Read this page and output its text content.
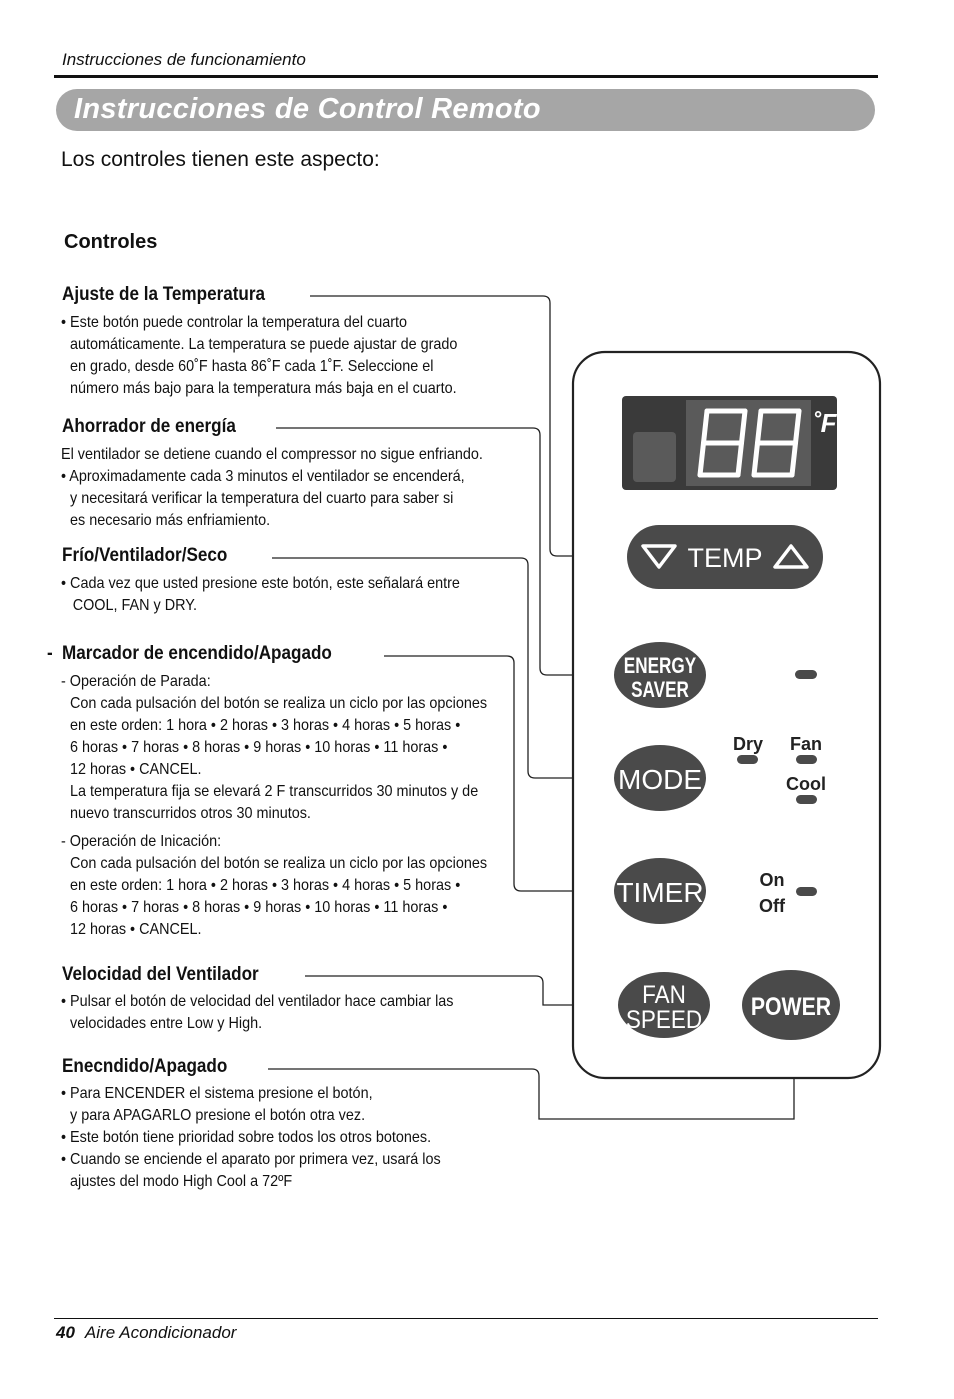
Instrucciones de funcionamiento
Instrucciones de Control Remoto
Los controles tienen este aspecto:
Controles
Ajuste de la Temperatura
• Este botón puede controlar la temperatura del cuarto
automáticamente. La temperatura se puede ajustar de grado
en grado, desde 60˚F hasta 86˚F cada 1˚F. Seleccione el
número más bajo para la temperatura más baja en el cuarto.
Ahorrador de energía
El ventilador se detiene cuando el compressor no sigue enfriando.
• Aproximadamente cada 3 minutos el ventilador se encenderá,
y necesitará verificar la temperatura del cuarto para saber si
es necesario más enfriamiento.
Frío/Ventilador/Seco
• Cada vez que usted presione este botón, este señalará entre
COOL, FAN y DRY.
- Marcador de encendido/Apagado
- Operación de Parada:
Con cada pulsación del botón se realiza un ciclo por las opciones
en este orden: 1 hora • 2 horas • 3 horas • 4 horas • 5 horas •
6 horas • 7 horas • 8 horas • 9 horas • 10 horas • 11 horas •
12 horas • CANCEL.
La temperatura fija se elevará 2 F transcurridos 30 minutos y de
nuevo transcurridos otros 30 minutos.
- Operación de Inicación:
Con cada pulsación del botón se realiza un ciclo por las opciones
en este orden: 1 hora • 2 horas • 3 horas • 4 horas • 5 horas •
6 horas • 7 horas • 8 horas • 9 horas • 10 horas • 11 horas •
12 horas • CANCEL.
Velocidad del Ventilador
• Pulsar el botón de velocidad del ventilador hace cambiar las
velocidades entre Low y High.
Enecndido/Apagado
• Para ENCENDER el sistema presione el botón,
y para APAGARLO presione el botón otra vez.
• Este botón tiene prioridad sobre todos los otros botones.
• Cuando se enciende el aparato por primera vez, usará los
ajustes del modo High Cool a 72ºF
˚F
TEMP
ENERGY
SAVER
MODE
Dry Fan
Cool
TIMER	On
Off
FAN
SPEED POWER
40 Aire Acondicionador
